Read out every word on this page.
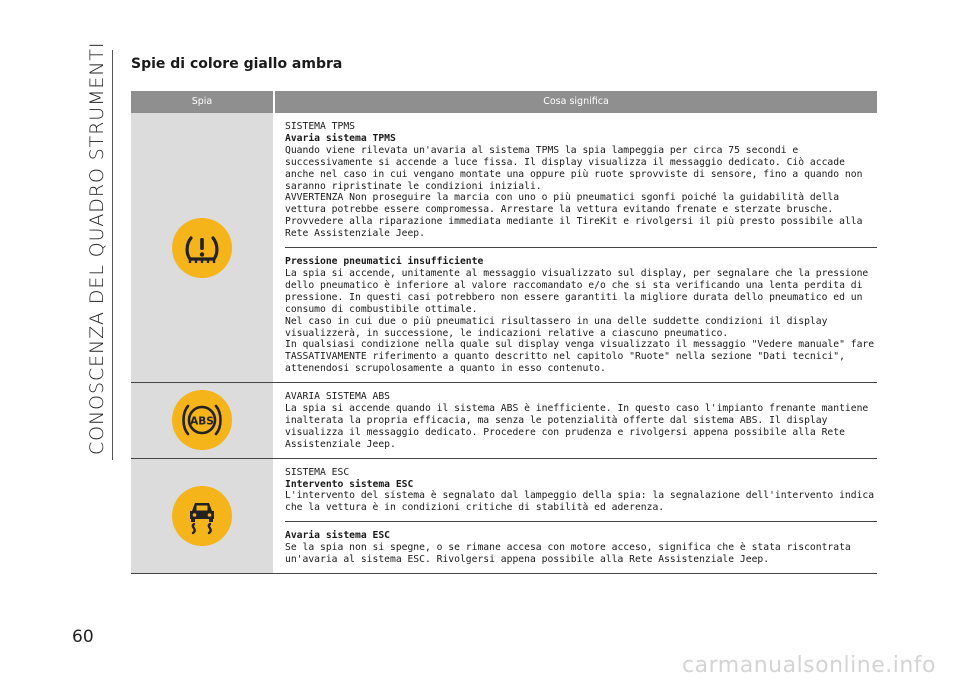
CONOSCENZA DEL QUADRO STRUMENTI
60
Spie di colore giallo ambra
Spia	Cosa significa

SISTEMA TPMS

Avaria sistema TPMS

Quando viene rilevata un'avaria al sistema TPMS la spia lampeggia per circa 75 secondi e successivamente si accende a luce fissa. Il display visualizza il messaggio dedicato. Ciò accade anche nel caso in cui vengano montate una oppure più ruote sprovviste di sensore, fino a quando non saranno ripristinate le condizioni iniziali.

AVVERTENZA Non proseguire la marcia con uno o più pneumatici sgonfi poiché la guidabilità della vettura potrebbe essere compromessa. Arrestare la vettura evitando frenate e sterzate brusche. Provvedere alla riparazione immediata mediante il TireKit e rivolgersi il più presto possibile alla Rete Assistenziale Jeep.

Pressione pneumatici insufficiente

La spia si accende, unitamente al messaggio visualizzato sul display, per segnalare che la pressione dello pneumatico è inferiore al valore raccomandato e/o che si sta verificando una lenta perdita di pressione. In questi casi potrebbero non essere garantiti la migliore durata dello pneumatico ed un consumo di combustibile ottimale.

Nel caso in cui due o più pneumatici risultassero in una delle suddette condizioni il display visualizzerà, in successione, le indicazioni relative a ciascuno pneumatico.

In qualsiasi condizione nella quale sul display venga visualizzato il messaggio "Vedere manuale" fare TASSATIVAMENTE riferimento a quanto descritto nel capitolo "Ruote" nella sezione "Dati tecnici", attenendosi scrupolosamente a quanto in esso contenuto.

ABS

AVARIA SISTEMA ABS

La spia si accende quando il sistema ABS è inefficiente. In questo caso l'impianto frenante mantiene inalterata la propria efficacia, ma senza le potenzialità offerte dal sistema ABS. Il display visualizza il messaggio dedicato. Procedere con prudenza e rivolgersi appena possibile alla Rete Assistenziale Jeep.

SISTEMA ESC

Intervento sistema ESC

L'intervento del sistema è segnalato dal lampeggio della spia: la segnalazione dell'intervento indica che la vettura è in condizioni critiche di stabilità ed aderenza.

Avaria sistema ESC

Se la spia non si spegne, o se rimane accesa con motore acceso, significa che è stata riscontrata un'avaria al sistema ESC. Rivolgersi appena possibile alla Rete Assistenziale Jeep.

carmanualsonline.info
